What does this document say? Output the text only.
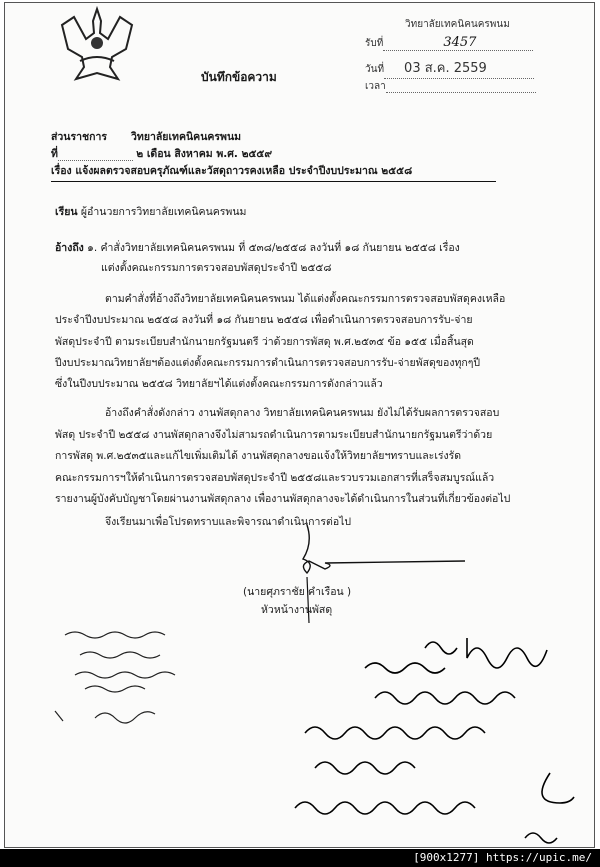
บันทึกข้อความ
วิทยาลัยเทคนิคนครพนม
รับที่	3457
วันที่ 03 ส.ค. 2559
เวลา
ส่วนราชการ วิทยาลัยเทคนิคนครพนม
ที่	๒ เดือน สิงหาคม พ.ศ. ๒๕๕๙
เรื่อง แจ้งผลตรวจสอบครุภัณฑ์และวัสดุถาวรคงเหลือ ประจำปีงบประมาณ ๒๕๕๘
เรียน ผู้อำนวยการวิทยาลัยเทคนิคนครพนม
อ้างถึง ๑. คำสั่งวิทยาลัยเทคนิคนครพนม ที่ ๕๓๘/๒๕๕๘ ลงวันที่ ๑๘ กันยายน ๒๕๕๘ เรื่อง
แต่งตั้งคณะกรรมการตรวจสอบพัสดุประจำปี ๒๕๕๘
ตามคำสั่งที่อ้างถึงวิทยาลัยเทคนิคนครพนม ได้แต่งตั้งคณะกรรมการตรวจสอบพัสดุคงเหลือ
ประจำปีงบประมาณ ๒๕๕๘ ลงวันที่ ๑๘ กันยายน ๒๕๕๘ เพื่อดำเนินการตรวจสอบการรับ-จ่าย
พัสดุประจำปี ตามระเบียบสำนักนายกรัฐมนตรี ว่าด้วยการพัสดุ พ.ศ.๒๕๓๕ ข้อ ๑๕๕ เมื่อสิ้นสุด
ปีงบประมาณวิทยาลัยฯต้องแต่งตั้งคณะกรรมการดำเนินการตรวจสอบการรับ-จ่ายพัสดุของทุกๆปี
ซึ่งในปีงบประมาณ ๒๕๕๘ วิทยาลัยฯได้แต่งตั้งคณะกรรมการดังกล่าวแล้ว
อ้างถึงคำสั่งดังกล่าว งานพัสดุกลาง วิทยาลัยเทคนิคนครพนม ยังไม่ได้รับผลการตรวจสอบ
พัสดุ ประจำปี ๒๕๕๘ งานพัสดุกลางจึงไม่สามรถดำเนินการตามระเบียบสำนักนายกรัฐมนตรีว่าด้วย
การพัสดุ พ.ศ.๒๕๓๕และแก้ไขเพิ่มเติมได้ งานพัสดุกลางขอแจ้งให้วิทยาลัยฯทราบและเร่งรัด
คณะกรรมการฯให้ดำเนินการตรวจสอบพัสดุประจำปี ๒๕๕๘และรวบรวมเอกสารที่เสร็จสมบูรณ์แล้ว
รายงานผู้บังคับบัญชาโดยผ่านงานพัสดุกลาง เพื่องานพัสดุกลางจะได้ดำเนินการในส่วนที่เกี่ยวข้องต่อไป
จึงเรียนมาเพื่อโปรดทราบและพิจารณาดำเนินการต่อไป
(นายศุภราชัย คำเรือน )
หัวหน้างานพัสดุ
[900x1277] https://upic.me/
